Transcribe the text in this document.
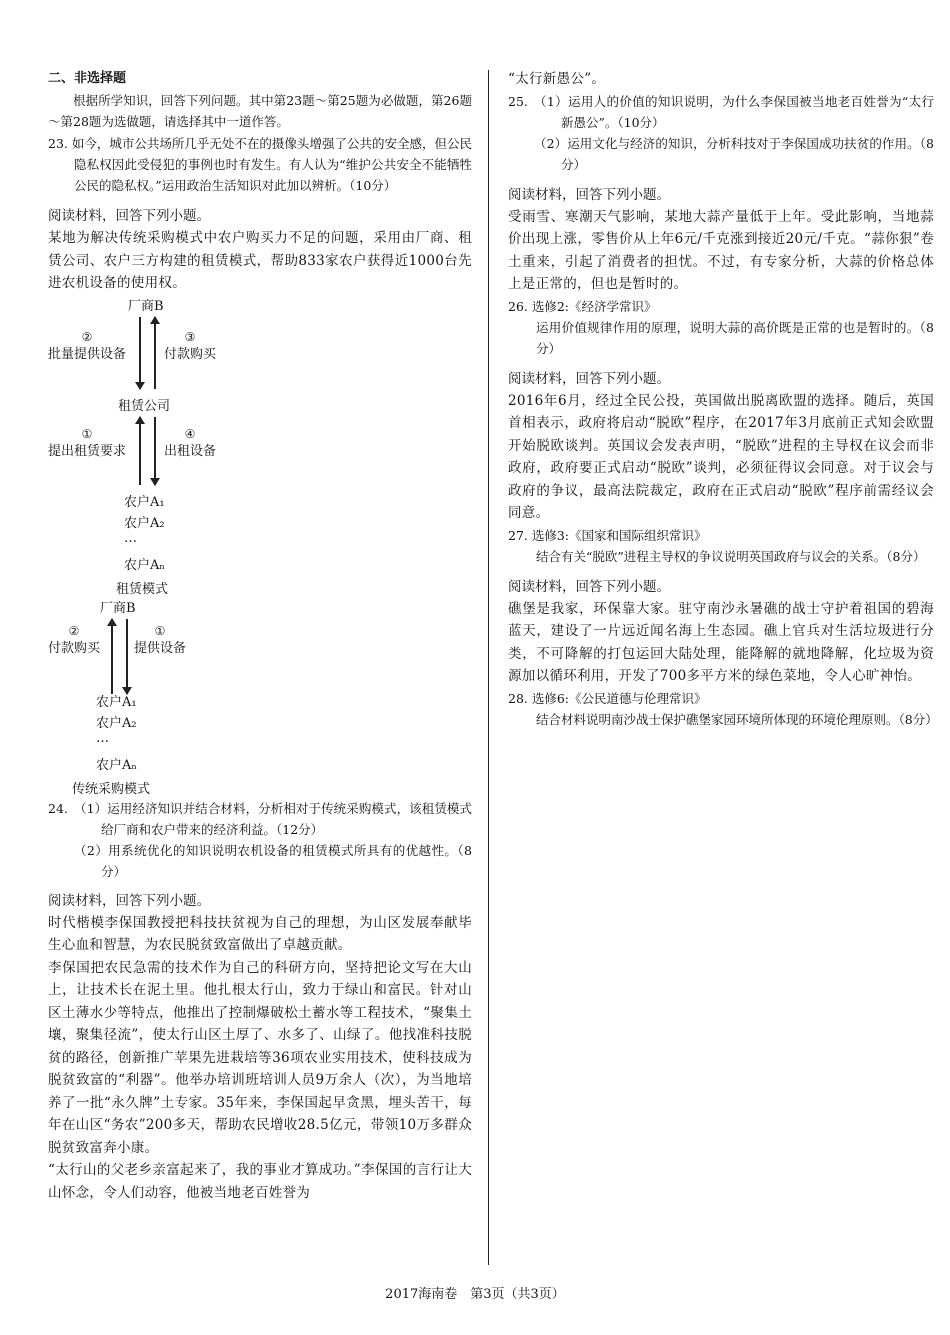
二、非选择题

根据所学知识，回答下列问题。其中第23题～第25题为必做题，第26题～第28题为选做题，请选择其中一道作答。

23. 如今，城市公共场所几乎无处不在的摄像头增强了公共的安全感，但公民隐私权因此受侵犯的事例也时有发生。有人认为“维护公共安全不能牺牲公民的隐私权。”运用政治生活知识对此加以辨析。（10分）

阅读材料，回答下列小题。

某地为解决传统采购模式中农户购买力不足的问题，采用由厂商、租赁公司、农户三方构建的租赁模式，帮助833家农户获得近1000台先进农机设备的使用权。

厂商B
②
批量提供设备
③
付款购买
租赁公司
①
提出租赁要求
④
出租设备
农户A₁
农户A₂
…
农户Aₙ
租赁模式
厂商B
②
付款购买
①
提供设备
农户A₁
农户A₂
…
农户Aₙ
传统采购模式
24. （1）运用经济知识并结合材料，分析相对于传统采购模式，该租赁模式给厂商和农户带来的经济利益。（12分）

（2）用系统优化的知识说明农机设备的租赁模式所具有的优越性。（8分）

阅读材料，回答下列小题。

时代楷模李保国教授把科技扶贫视为自己的理想，为山区发展奉献毕生心血和智慧，为农民脱贫致富做出了卓越贡献。

李保国把农民急需的技术作为自己的科研方向，坚持把论文写在大山上，让技术长在泥土里。他扎根太行山，致力于绿山和富民。针对山区土薄水少等特点，他推出了控制爆破松土蓄水等工程技术，“聚集土壤，聚集径流”，使太行山区土厚了、水多了、山绿了。他找准科技脱贫的路径，创新推广苹果先进栽培等36项农业实用技术，使科技成为脱贫致富的“利器”。他举办培训班培训人员9万余人（次），为当地培养了一批“永久牌”土专家。35年来，李保国起早贪黑，埋头苦干，每年在山区“务农”200多天，帮助农民增收28.5亿元，带领10万多群众脱贫致富奔小康。

“太行山的父老乡亲富起来了，我的事业才算成功。”李保国的言行让大山怀念，令人们动容，他被当地老百姓誉为

“太行新愚公”。

25. （1）运用人的价值的知识说明，为什么李保国被当地老百姓誉为“太行新愚公”。（10分）

（2）运用文化与经济的知识，分析科技对于李保国成功扶贫的作用。（8分）

阅读材料，回答下列小题。

受雨雪、寒潮天气影响，某地大蒜产量低于上年。受此影响，当地蒜价出现上涨，零售价从上年6元/千克涨到接近20元/千克。“蒜你狠”卷土重来，引起了消费者的担忧。不过，有专家分析，大蒜的价格总体上是正常的，但也是暂时的。

26. 选修2:《经济学常识》

运用价值规律作用的原理，说明大蒜的高价既是正常的也是暂时的。（8分）

阅读材料，回答下列小题。

2016年6月，经过全民公投，英国做出脱离欧盟的选择。随后，英国首相表示，政府将启动“脱欧”程序，在2017年3月底前正式知会欧盟开始脱欧谈判。英国议会发表声明，“脱欧”进程的主导权在议会而非政府，政府要正式启动“脱欧”谈判，必须征得议会同意。对于议会与政府的争议，最高法院裁定，政府在正式启动“脱欧”程序前需经议会同意。

27. 选修3:《国家和国际组织常识》

结合有关“脱欧”进程主导权的争议说明英国政府与议会的关系。（8分）

阅读材料，回答下列小题。

礁堡是我家，环保靠大家。驻守南沙永暑礁的战士守护着祖国的碧海蓝天，建设了一片远近闻名海上生态园。礁上官兵对生活垃圾进行分类，不可降解的打包运回大陆处理，能降解的就地降解，化垃圾为资源加以循环利用，开发了700多平方米的绿色菜地，令人心旷神怡。

28. 选修6:《公民道德与伦理常识》

结合材料说明南沙战士保护礁堡家园环境所体现的环境伦理原则。（8分）

2017海南卷　第3页（共3页）
